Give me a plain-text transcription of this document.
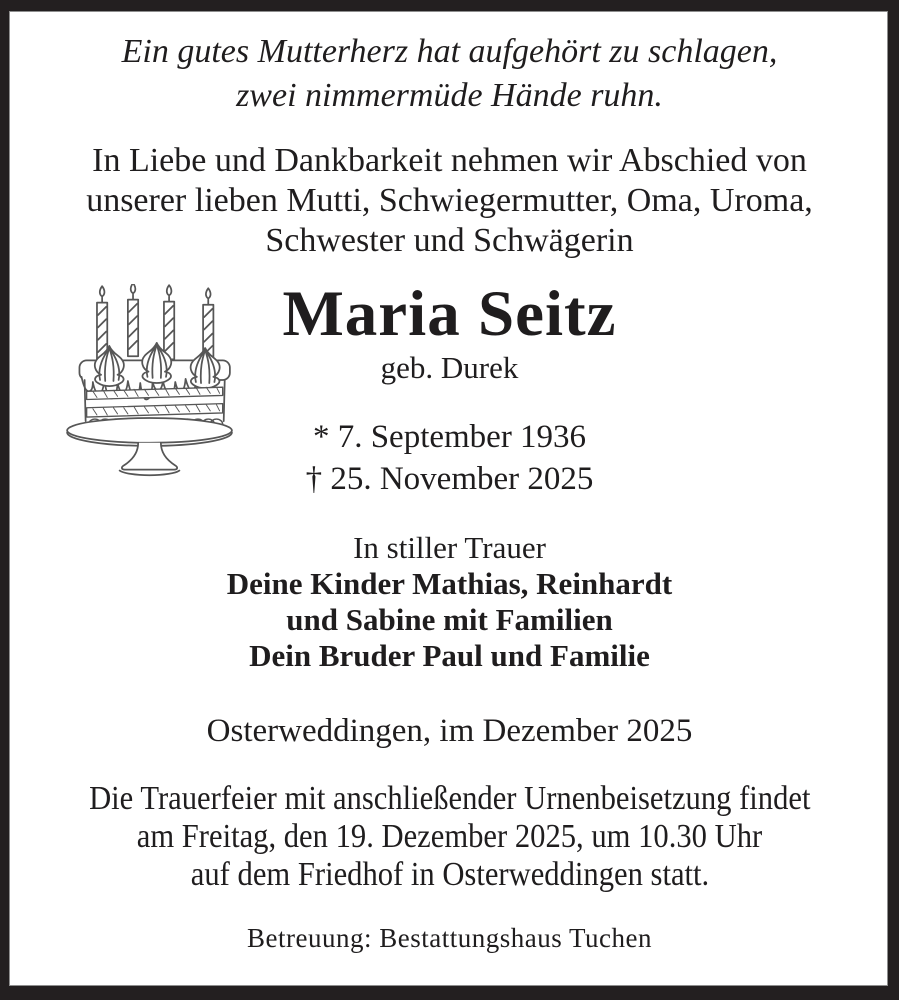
Ein gutes Mutterherz hat aufgehört zu schlagen,
zwei nimmermüde Hände ruhn.
In Liebe und Dankbarkeit nehmen wir Abschied von
unserer lieben Mutti, Schwiegermutter, Oma, Uroma,
Schwester und Schwägerin
Maria Seitz
geb. Durek
* 7. September 1936
† 25. November 2025
In stiller Trauer
Deine Kinder Mathias, Reinhardt
und Sabine mit Familien
Dein Bruder Paul und Familie
Osterweddingen, im Dezember 2025
Die Trauerfeier mit anschließender Urnenbeisetzung findet
am Freitag, den 19. Dezember 2025, um 10.30 Uhr
auf dem Friedhof in Osterweddingen statt.
Betreuung: Bestattungshaus Tuchen
